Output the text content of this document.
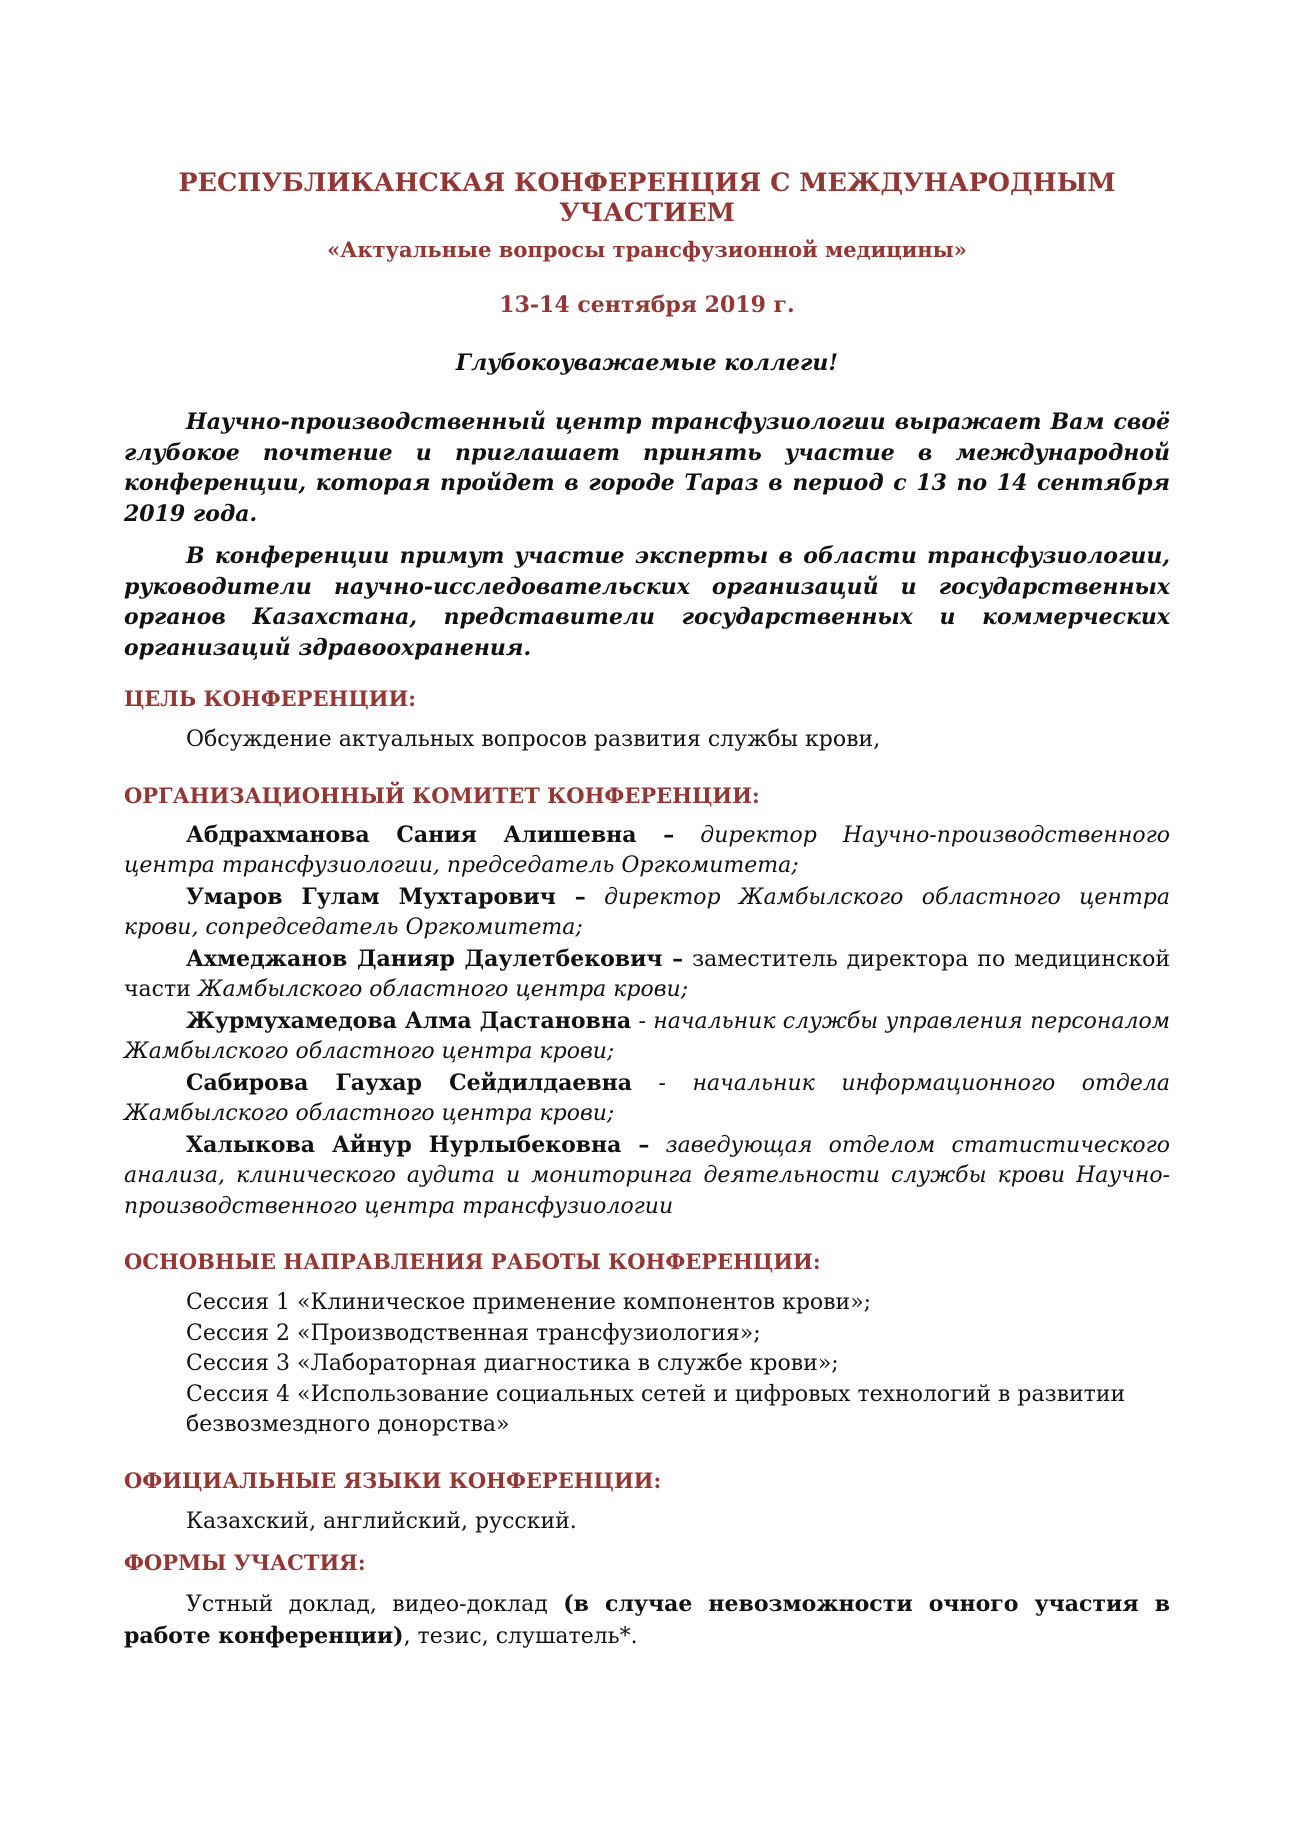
РЕСПУБЛИКАНСКАЯ КОНФЕРЕНЦИЯ С МЕЖДУНАРОДНЫМ УЧАСТИЕМ

«Актуальные вопросы трансфузионной медицины»

13-14 сентября 2019 г.

Глубокоуважаемые коллеги!

Научно-производственный центр трансфузиологии выражает Вам своё глубокое почтение и приглашает принять участие в международной конференции, которая пройдет в городе Тараз в период с 13 по 14 сентября 2019 года.

В конференции примут участие эксперты в области трансфузиологии, руководители научно-исследовательских организаций и государственных органов Казахстана, представители государственных и коммерческих организаций здравоохранения.

ЦЕЛЬ КОНФЕРЕНЦИИ:

Обсуждение актуальных вопросов развития службы крови,

ОРГАНИЗАЦИОННЫЙ КОМИТЕТ КОНФЕРЕНЦИИ:

Абдрахманова Сания Алишевна – директор Научно-производственного центра трансфузиологии, председатель Оргкомитета;

Умаров Гулам Мухтарович – директор Жамбылского областного центра крови, сопредседатель Оргкомитета;

Ахмеджанов Данияр Даулетбекович – заместитель директора по медицинской части Жамбылского областного центра крови;

Журмухамедова Алма Дастановна - начальник службы управления персоналом Жамбылского областного центра крови;

Сабирова Гаухар Сейдилдаевна - начальник информационного отдела Жамбылского областного центра крови;

Халыкова Айнур Нурлыбековна – заведующая отделом статистического анализа, клинического аудита и мониторинга деятельности службы крови Научно-производственного центра трансфузиологии

ОСНОВНЫЕ НАПРАВЛЕНИЯ РАБОТЫ КОНФЕРЕНЦИИ:

Сессия 1 «Клиническое применение компонентов крови»;

Сессия 2 «Производственная трансфузиология»;

Сессия 3 «Лабораторная диагностика в службе крови»;

Сессия 4 «Использование социальных сетей и цифровых технологий в развитии безвозмездного донорства»

ОФИЦИАЛЬНЫЕ ЯЗЫКИ КОНФЕРЕНЦИИ:

Казахский, английский, русский.

ФОРМЫ УЧАСТИЯ:

Устный доклад, видео-доклад (в случае невозможности очного участия в работе конференции), тезис, слушатель*.
